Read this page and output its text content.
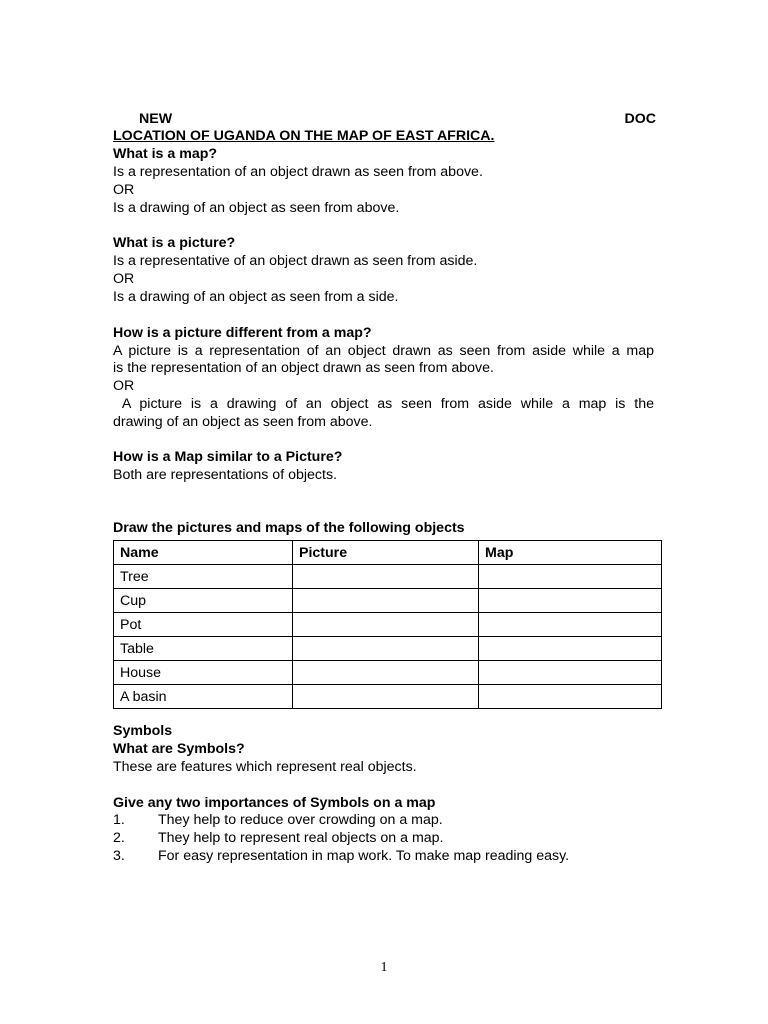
NEW	DOC
LOCATION OF UGANDA ON THE MAP OF EAST AFRICA.
What is a map?
Is a representation of an object drawn as seen from above.
OR
Is a drawing of an object as seen from above.
What is a picture?
Is a representative of an object drawn as seen from aside.
OR
Is a drawing of an object as seen from a side.
How is a picture different from a map?
A picture is a representation of an object drawn as seen from aside while a map
is the representation of an object drawn as seen from above.
OR
A picture is a drawing of an object as seen from aside while a map is the
drawing of an object as seen from above.
How is a Map similar to a Picture?
Both are representations of objects.
Draw the pictures and maps of the following objects
Name	Picture	Map
Tree		
Cup		
Pot		
Table		
House		
A basin		
Symbols
What are Symbols?
These are features which represent real objects.
Give any two importances of Symbols on a map
1.	They help to reduce over crowding on a map.
2.	They help to represent real objects on a map.
3.	For easy representation in map work. To make map reading easy.
1
